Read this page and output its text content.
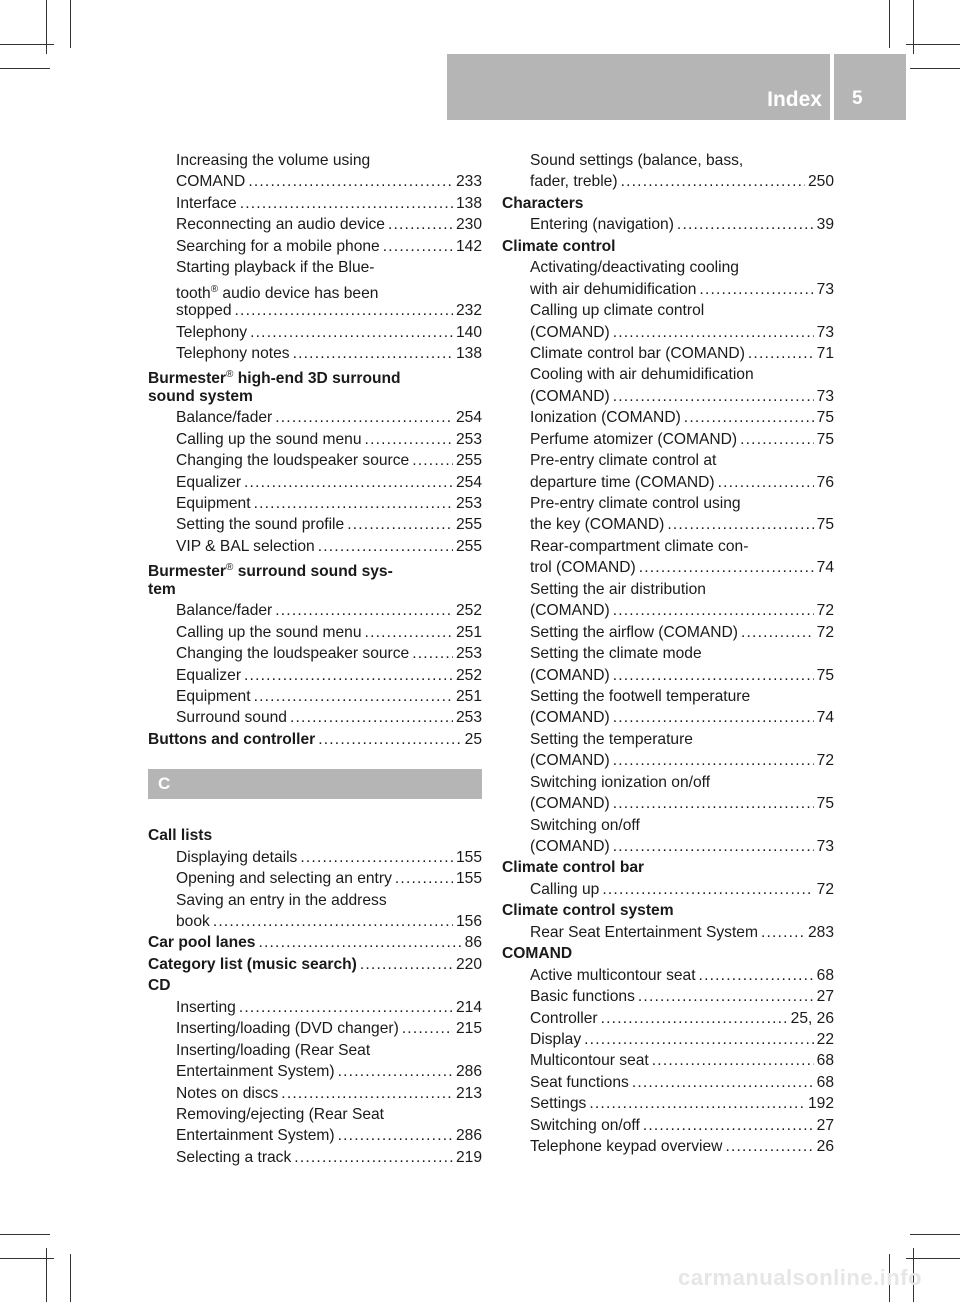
Index 5
Increasing the volume using
COMAND .....	233
Interface .....	138
Reconnecting an audio device .....	230
Searching for a mobile phone .....	142
Starting playback if the Blue-
tooth® audio device has been
stopped .....	232
Telephony .....	140
Telephony notes .....	138
Burmester® high-end 3D surround
sound system
Balance/fader .....	254
Calling up the sound menu .....	253
Changing the loudspeaker source .....	255
Equalizer .....	254
Equipment .....	253
Setting the sound profile .....	255
VIP & BAL selection .....	255
Burmester® surround sound sys-
tem
Balance/fader .....	252
Calling up the sound menu .....	251
Changing the loudspeaker source .....	253
Equalizer .....	252
Equipment .....	251
Surround sound .....	253
Buttons and controller .....	25
C
Call lists
Displaying details .....	155
Opening and selecting an entry .....	155
Saving an entry in the address
book .....	156
Car pool lanes .....	86
Category list (music search) .....	220
CD
Inserting .....	214
Inserting/loading (DVD changer) .....	215
Inserting/loading (Rear Seat
Entertainment System) .....	286
Notes on discs .....	213
Removing/ejecting (Rear Seat
Entertainment System) .....	286
Selecting a track .....	219
Sound settings (balance, bass,
fader, treble) .....	250
Characters
Entering (navigation) .....	39
Climate control
Activating/deactivating cooling
with air dehumidification .....	73
Calling up climate control
(COMAND) .....	73
Climate control bar (COMAND) .....	71
Cooling with air dehumidification
(COMAND) .....	73
Ionization (COMAND) .....	75
Perfume atomizer (COMAND) .....	75
Pre-entry climate control at
departure time (COMAND) .....	76
Pre-entry climate control using
the key (COMAND) .....	75
Rear-compartment climate con-
trol (COMAND) .....	74
Setting the air distribution
(COMAND) .....	72
Setting the airflow (COMAND) .....	72
Setting the climate mode
(COMAND) .....	75
Setting the footwell temperature
(COMAND) .....	74
Setting the temperature
(COMAND) .....	72
Switching ionization on/off
(COMAND) .....	75
Switching on/off
(COMAND) .....	73
Climate control bar
Calling up .....	72
Climate control system
Rear Seat Entertainment System .....	283
COMAND
Active multicontour seat .....	68
Basic functions .....	27
Controller .....	25, 26
Display .....	22
Multicontour seat .....	68
Seat functions .....	68
Settings .....	192
Switching on/off .....	27
Telephone keypad overview .....	26
carmanualsonline.info
